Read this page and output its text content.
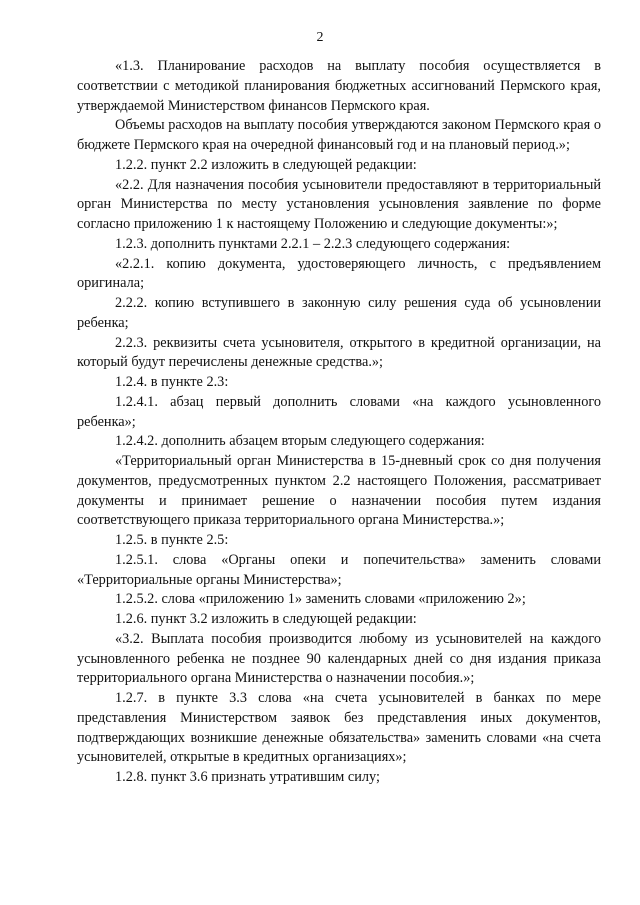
2

«1.3. Планирование расходов на выплату пособия осуществляется в соответствии с методикой планирования бюджетных ассигнований Пермского края, утверждаемой Министерством финансов Пермского края.

Объемы расходов на выплату пособия утверждаются законом Пермского края о бюджете Пермского края на очередной финансовый год и на плановый период.»;

1.2.2. пункт 2.2 изложить в следующей редакции:

«2.2. Для назначения пособия усыновители предоставляют в территориальный орган Министерства по месту установления усыновления заявление по форме согласно приложению 1 к настоящему Положению и следующие документы:»;

1.2.3. дополнить пунктами 2.2.1 – 2.2.3 следующего содержания:

«2.2.1. копию документа, удостоверяющего личность, с предъявлением оригинала;

2.2.2. копию вступившего в законную силу решения суда об усыновлении ребенка;

2.2.3. реквизиты счета усыновителя, открытого в кредитной организации, на который будут перечислены денежные средства.»;

1.2.4. в пункте 2.3:

1.2.4.1. абзац первый дополнить словами «на каждого усыновленного ребенка»;

1.2.4.2. дополнить абзацем вторым следующего содержания:

«Территориальный орган Министерства в 15-дневный срок со дня получения документов, предусмотренных пунктом 2.2 настоящего Положения, рассматривает документы и принимает решение о назначении пособия путем издания соответствующего приказа территориального органа Министерства.»;

1.2.5. в пункте 2.5:

1.2.5.1. слова «Органы опеки и попечительства» заменить словами «Территориальные органы Министерства»;

1.2.5.2. слова «приложению 1» заменить словами «приложению 2»;

1.2.6. пункт 3.2 изложить в следующей редакции:

«3.2. Выплата пособия производится любому из усыновителей на каждого усыновленного ребенка не позднее 90 календарных дней со дня издания приказа территориального органа Министерства о назначении пособия.»;

1.2.7. в пункте 3.3 слова «на счета усыновителей в банках по мере представления Министерством заявок без представления иных документов, подтверждающих возникшие денежные обязательства» заменить словами «на счета усыновителей, открытые в кредитных организациях»;

1.2.8. пункт 3.6 признать утратившим силу;
